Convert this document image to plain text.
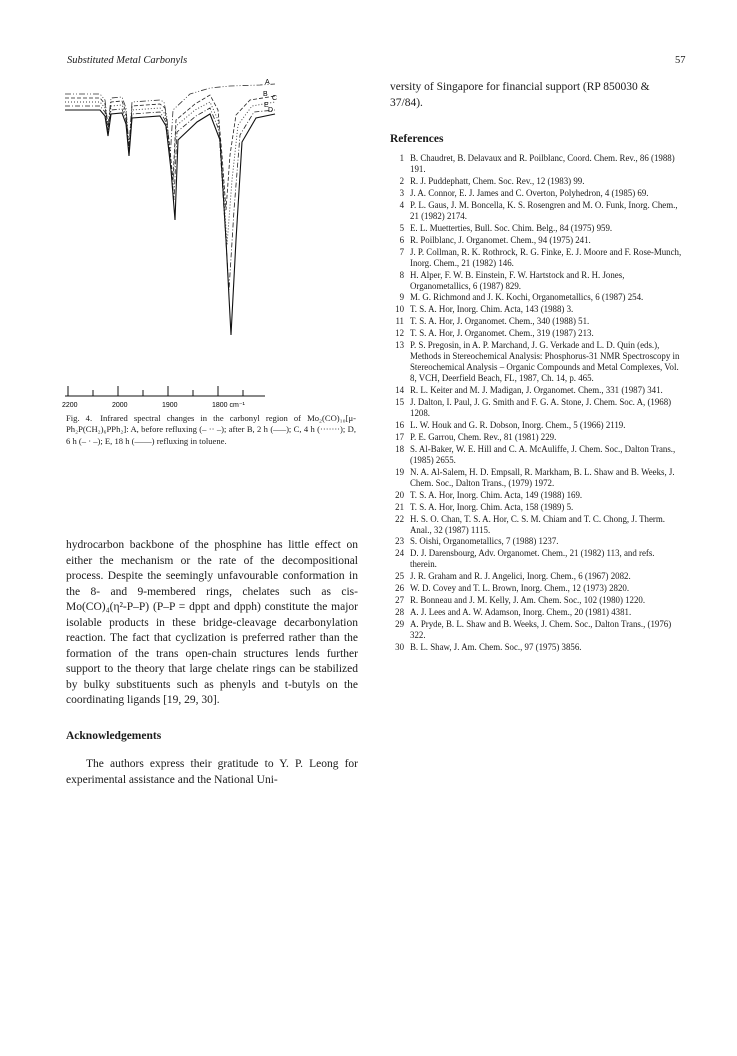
Substituted Metal Carbonyls	57
A
B
C
E
D
2200	2000	1900	1800 cm⁻¹
Fig. 4. Infrared spectral changes in the carbonyl region of Mo₂(CO)₁₀[μ-Ph₂P(CH₂)₆PPh₂]: A, before refluxing (– ·· –); after B, 2 h (–––); C, 4 h (·······); D, 6 h (– · –); E, 18 h (——) refluxing in toluene.

hydrocarbon backbone of the phosphine has little effect on either the mechanism or the rate of the decompositional process. Despite the seemingly unfavourable conformation in the 8- and 9-membered rings, chelates such as cis-Mo(CO)₄(η²-P–P) (P–P = dppt and dpph) constitute the major isolable products in these bridge-cleavage decarbonylation reaction. The fact that cyclization is preferred rather than the formation of the trans open-chain structures lends further support to the theory that large chelate rings can be stabilized by bulky substituents such as phenyls and t-butyls on the coordinating ligands [19, 29, 30].

Acknowledgements

The authors express their gratitude to Y. P. Leong for experimental assistance and the National Uni-

versity of Singapore for financial support (RP 850030 & 37/84).

References
1 B. Chaudret, B. Delavaux and R. Poilblanc, Coord. Chem. Rev., 86 (1988) 191.
2 R. J. Puddephatt, Chem. Soc. Rev., 12 (1983) 99.
3 J. A. Connor, E. J. James and C. Overton, Polyhedron, 4 (1985) 69.
4 P. L. Gaus, J. M. Boncella, K. S. Rosengren and M. O. Funk, Inorg. Chem., 21 (1982) 2174.
5 E. L. Muetterties, Bull. Soc. Chim. Belg., 84 (1975) 959.
6 R. Poilblanc, J. Organomet. Chem., 94 (1975) 241.
7 J. P. Collman, R. K. Rothrock, R. G. Finke, E. J. Moore and F. Rose-Munch, Inorg. Chem., 21 (1982) 146.
8 H. Alper, F. W. B. Einstein, F. W. Hartstock and R. H. Jones, Organometallics, 6 (1987) 829.
9 M. G. Richmond and J. K. Kochi, Organometallics, 6 (1987) 254.
10 T. S. A. Hor, Inorg. Chim. Acta, 143 (1988) 3.
11 T. S. A. Hor, J. Organomet. Chem., 340 (1988) 51.
12 T. S. A. Hor, J. Organomet. Chem., 319 (1987) 213.
13 P. S. Pregosin, in A. P. Marchand, J. G. Verkade and L. D. Quin (eds.), Methods in Stereochemical Analysis: Phosphorus-31 NMR Spectroscopy in Stereochemical Analysis – Organic Compounds and Metal Complexes, Vol. 8, VCH, Deerfield Beach, FL, 1987, Ch. 14, p. 465.
14 R. L. Keiter and M. J. Madigan, J. Organomet. Chem., 331 (1987) 341.
15 J. Dalton, I. Paul, J. G. Smith and F. G. A. Stone, J. Chem. Soc. A, (1968) 1208.
16 L. W. Houk and G. R. Dobson, Inorg. Chem., 5 (1966) 2119.
17 P. E. Garrou, Chem. Rev., 81 (1981) 229.
18 S. Al-Baker, W. E. Hill and C. A. McAuliffe, J. Chem. Soc., Dalton Trans., (1985) 2655.
19 N. A. Al-Salem, H. D. Empsall, R. Markham, B. L. Shaw and B. Weeks, J. Chem. Soc., Dalton Trans., (1979) 1972.
20 T. S. A. Hor, Inorg. Chim. Acta, 149 (1988) 169.
21 T. S. A. Hor, Inorg. Chim. Acta, 158 (1989) 5.
22 H. S. O. Chan, T. S. A. Hor, C. S. M. Chiam and T. C. Chong, J. Therm. Anal., 32 (1987) 1115.
23 S. Oishi, Organometallics, 7 (1988) 1237.
24 D. J. Darensbourg, Adv. Organomet. Chem., 21 (1982) 113, and refs. therein.
25 J. R. Graham and R. J. Angelici, Inorg. Chem., 6 (1967) 2082.
26 W. D. Covey and T. L. Brown, Inorg. Chem., 12 (1973) 2820.
27 R. Bonneau and J. M. Kelly, J. Am. Chem. Soc., 102 (1980) 1220.
28 A. J. Lees and A. W. Adamson, Inorg. Chem., 20 (1981) 4381.
29 A. Pryde, B. L. Shaw and B. Weeks, J. Chem. Soc., Dalton Trans., (1976) 322.
30 B. L. Shaw, J. Am. Chem. Soc., 97 (1975) 3856.
